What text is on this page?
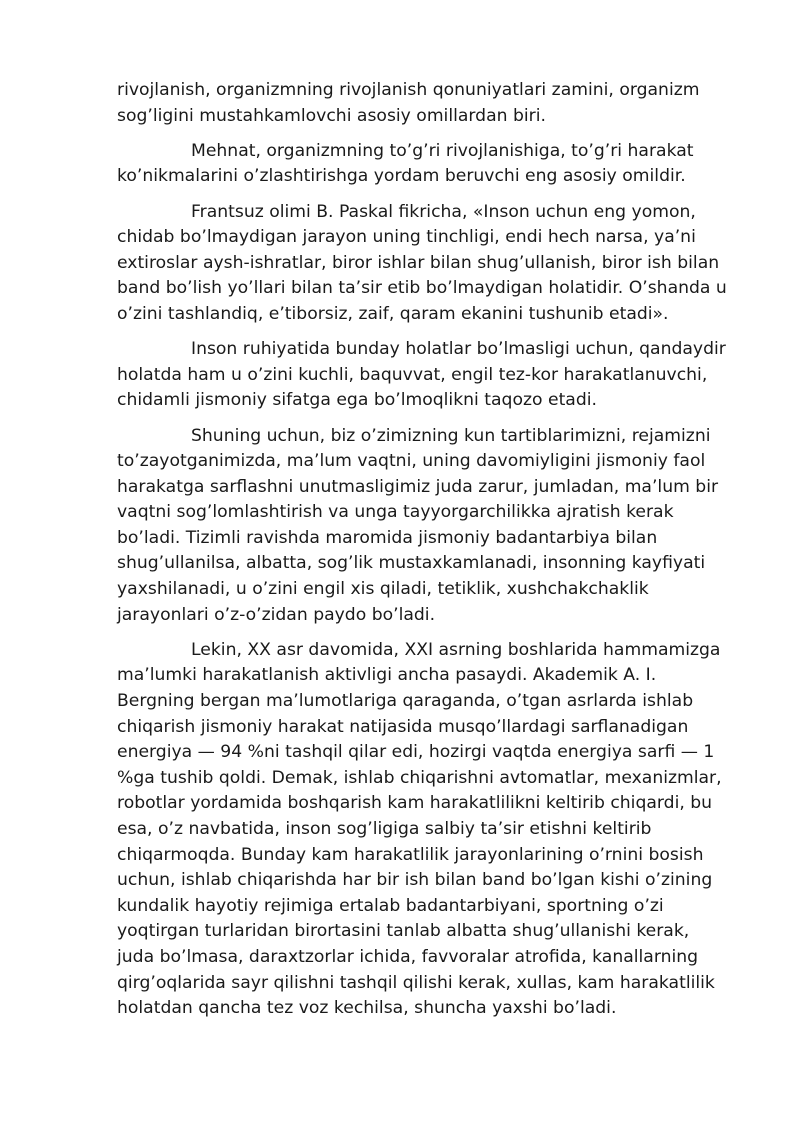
rivojlanish, organizmning rivojlanish qonuniyatlari zamini, organizm
sog’ligini mustahkamlovchi asosiy omillardan biri.

Mehnat, organizmning to’g’ri rivojlanishiga, to’g’ri harakat
ko’nikmalarini o’zlashtirishga yordam beruvchi eng asosiy omildir.

Frantsuz olimi B. Paskal fikricha, «Inson uchun eng yomon,
chidab bo’lmaydigan jarayon uning tinchligi, endi hech narsa, ya’ni
extiroslar aysh-ishratlar, biror ishlar bilan shug’ullanish, biror ish bilan
band bo’lish yo’llari bilan ta’sir etib bo’lmaydigan holatidir. O’shanda u
o’zini tashlandiq, e’tiborsiz, zaif, qaram ekanini tushunib etadi».

Inson ruhiyatida bunday holatlar bo’lmasligi uchun, qandaydir
holatda ham u o’zini kuchli, baquvvat, engil tez-kor harakatlanuvchi,
chidamli jismoniy sifatga ega bo’lmoqlikni taqozo etadi.

Shuning uchun, biz o’zimizning kun tartiblarimizni, rejamizni
to’zayotganimizda, ma’lum vaqtni, uning davomiyligini jismoniy faol
harakatga sarflashni unutmasligimiz juda zarur, jumladan, ma’lum bir
vaqtni sog’lomlashtirish va unga tayyorgarchilikka ajratish kerak
bo’ladi. Tizimli ravishda maromida jismoniy badantarbiya bilan
shug’ullanilsa, albatta, sog’lik mustaxkamlanadi, insonning kayfiyati
yaxshilanadi, u o’zini engil xis qiladi, tetiklik, xushchakchaklik
jarayonlari o’z-o’zidan paydo bo’ladi.

Lekin, XX asr davomida, XXI asrning boshlarida hammamizga
ma’lumki harakatlanish aktivligi ancha pasaydi. Akademik A. I.
Bergning bergan ma’lumotlariga qaraganda, o’tgan asrlarda ishlab
chiqarish jismoniy harakat natijasida musqo’llardagi sarflanadigan
energiya — 94 %ni tashqil qilar edi, hozirgi vaqtda energiya sarfi — 1
%ga tushib qoldi. Demak, ishlab chiqarishni avtomatlar, mexanizmlar,
robotlar yordamida boshqarish kam harakatlilikni keltirib chiqardi, bu
esa, o’z navbatida, inson sog’ligiga salbiy ta’sir etishni keltirib
chiqarmoqda. Bunday kam harakatlilik jarayonlarining o’rnini bosish
uchun, ishlab chiqarishda har bir ish bilan band bo’lgan kishi o’zining
kundalik hayotiy rejimiga ertalab badantarbiyani, sportning o’zi
yoqtirgan turlaridan birortasini tanlab albatta shug’ullanishi kerak,
juda bo’lmasa, daraxtzorlar ichida, favvoralar atrofida, kanallarning
qirg’oqlarida sayr qilishni tashqil qilishi kerak, xullas, kam harakatlilik
holatdan qancha tez voz kechilsa, shuncha yaxshi bo’ladi.
